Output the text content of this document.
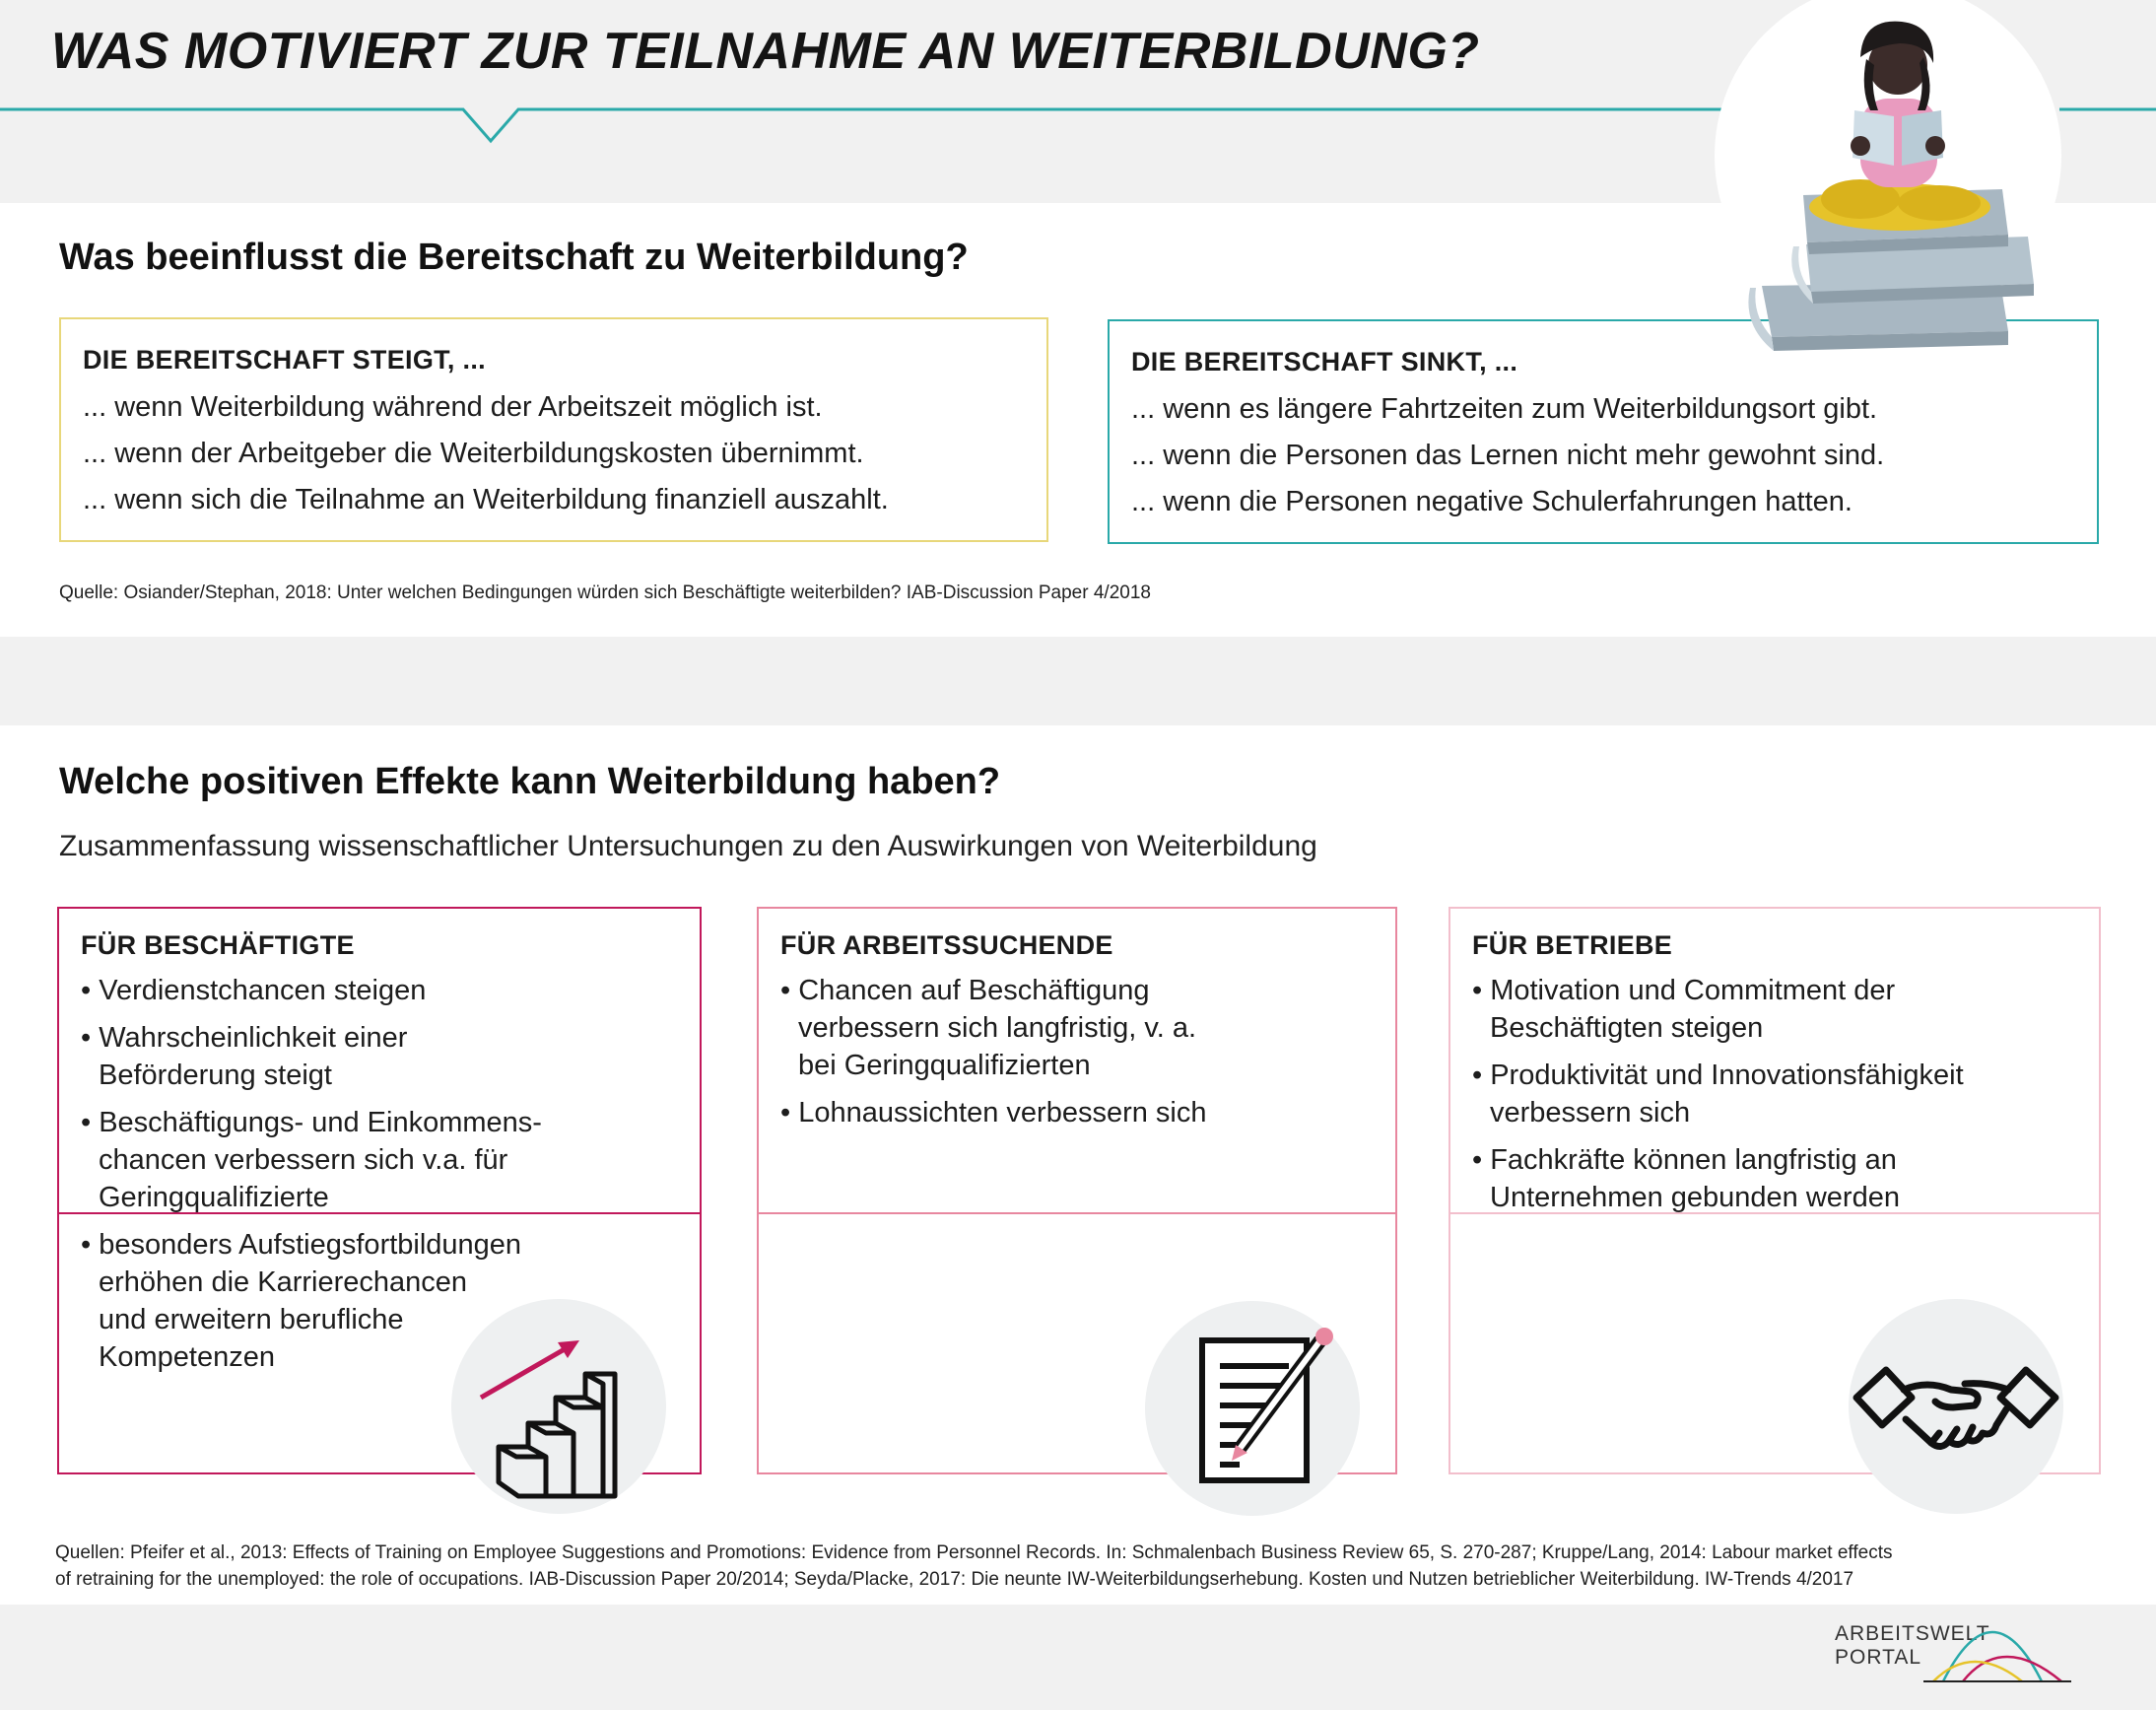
WAS MOTIVIERT ZUR TEILNAHME AN WEITERBILDUNG?
Was beeinflusst die Bereitschaft zu Weiterbildung?
DIE BEREITSCHAFT STEIGT, ...
... wenn Weiterbildung während der Arbeitszeit möglich ist.
... wenn der Arbeitgeber die Weiterbildungskosten übernimmt.
... wenn sich die Teilnahme an Weiterbildung finanziell auszahlt.
DIE BEREITSCHAFT SINKT, ...
... wenn es längere Fahrtzeiten zum Weiterbildungsort gibt.
... wenn die Personen das Lernen nicht mehr gewohnt sind.
... wenn die Personen negative Schulerfahrungen hatten.
Quelle: Osiander/Stephan, 2018: Unter welchen Bedingungen würden sich Beschäftigte weiterbilden? IAB-Discussion Paper 4/2018
Welche positiven Effekte kann Weiterbildung haben?
Zusammenfassung wissenschaftlicher Untersuchungen zu den Auswirkungen von Weiterbildung
FÜR BESCHÄFTIGTE
• Verdienstchancen steigen
• Wahrscheinlichkeit einer
Beförderung steigt
• Beschäftigungs- und Einkommens-
chancen verbessern sich v.a. für
Geringqualifizierte
• besonders Aufstiegsfortbildungen
erhöhen die Karrierechancen
und erweitern berufliche
Kompetenzen
FÜR ARBEITSSUCHENDE
• Chancen auf Beschäftigung
verbessern sich langfristig, v. a.
bei Geringqualifizierten
• Lohnaussichten verbessern sich
FÜR BETRIEBE
• Motivation und Commitment der
Beschäftigten steigen
• Produktivität und Innovationsfähigkeit
verbessern sich
• Fachkräfte können langfristig an
Unternehmen gebunden werden
Quellen: Pfeifer et al., 2013: Effects of Training on Employee Suggestions and Promotions: Evidence from Personnel Records. In: Schmalenbach Business Review 65, S. 270-287; Kruppe/Lang, 2014: Labour market effects
of retraining for the unemployed: the role of occupations. IAB-Discussion Paper 20/2014; Seyda/Placke, 2017: Die neunte IW-Weiterbildungserhebung. Kosten und Nutzen betrieblicher Weiterbildung. IW-Trends 4/2017
ARBEITSWELT
PORTAL
